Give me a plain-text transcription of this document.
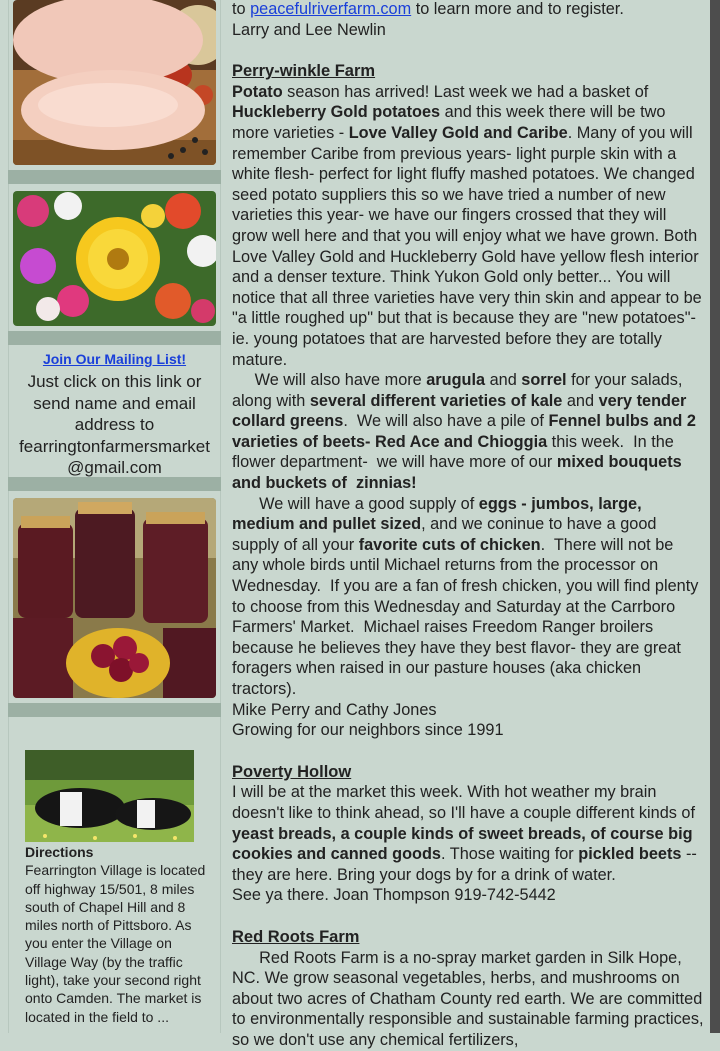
Join Our Mailing List!
Just click on this link or send name and email address to fearringtonfarmersmarket @gmail.com
Directions
Fearrington Village is located off highway 15/501, 8 miles south of Chapel Hill and 8 miles north of Pittsboro. As you enter the Village on Village Way (by the traffic light), take your second right onto Camden. The market is located in the field to ...

to peacefulriverfarm.com to learn more and to register.

Larry and Lee Newlin

Perry-winkle Farm

Potato season has arrived! Last week we had a basket of Huckleberry Gold potatoes and this week there will be two more varieties - Love Valley Gold and Caribe. Many of you will remember Caribe from previous years- light purple skin with a white flesh- perfect for light fluffy mashed potatoes. We changed seed potato suppliers this so we have tried a number of new varieties this year- we have our fingers crossed that they will grow well here and that you will enjoy what we have grown. Both Love Valley Gold and Huckleberry Gold have yellow flesh interior and a denser texture. Think Yukon Gold only better... You will notice that all three varieties have very thin skin and appear to be "a little roughed up" but that is because they are "new potatoes"- ie. young potatoes that are harvested before they are totally mature.

We will also have more arugula and sorrel for your salads, along with several different varieties of kale and very tender collard greens.  We will also have a pile of Fennel bulbs and 2 varieties of beets- Red Ace and Chioggia this week.  In the flower department-  we will have more of our mixed bouquets and buckets of  zinnias!

We will have a good supply of eggs - jumbos, large, medium and pullet sized, and we coninue to have a good supply of all your favorite cuts of chicken.  There will not be any whole birds until Michael returns from the processor on Wednesday.  If you are a fan of fresh chicken, you will find plenty to choose from this Wednesday and Saturday at the Carrboro Farmers' Market.  Michael raises Freedom Ranger broilers because he believes they have they best flavor- they are great foragers when raised in our pasture houses (aka chicken tractors).

Mike Perry and Cathy Jones

Growing for our neighbors since 1991

Poverty Hollow

I will be at the market this week. With hot weather my brain doesn't like to think ahead, so I'll have a couple different kinds of yeast breads, a couple kinds of sweet breads, of course big cookies and canned goods. Those waiting for pickled beets -- they are here. Bring your dogs by for a drink of water.

See ya there. Joan Thompson 919-742-5442

Red Roots Farm

Red Roots Farm is a no-spray market garden in Silk Hope, NC. We grow seasonal vegetables, herbs, and mushrooms on about two acres of Chatham County red earth. We are committed to environmentally responsible and sustainable farming practices, so we don't use any chemical fertilizers,
